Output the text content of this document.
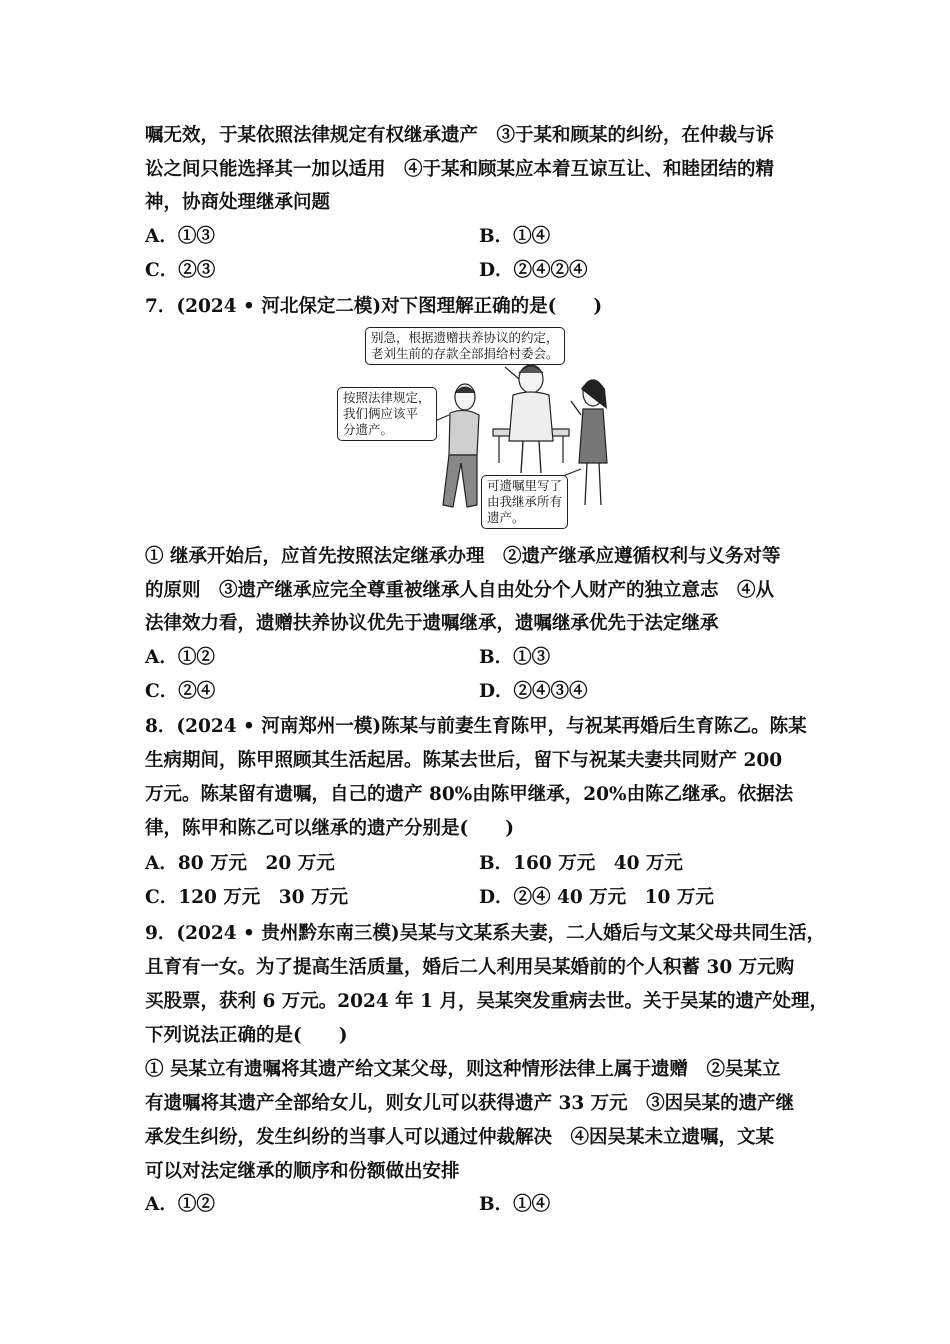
嘱无效，于某依照法律规定有权继承遗产　③于某和顾某的纠纷，在仲裁与诉
讼之间只能选择其一加以适用　④于某和顾某应本着互谅互让、和睦团结的精
神，协商处理继承问题
A．①③	B．①④
C．②③	D．②④②④
7．(2024 • 河北保定二模)对下图理解正确的是(　　)
别急，根据遗赠扶养协议的约定，
老刘生前的存款全部捐给村委会。
按照法律规定，
我们俩应该平
分遗产。
可遗嘱里写了
由我继承所有
遗产。
① 继承开始后，应首先按照法定继承办理　②遗产继承应遵循权利与义务对等
的原则　③遗产继承应完全尊重被继承人自由处分个人财产的独立意志　④从
法律效力看，遗赠扶养协议优先于遗嘱继承，遗嘱继承优先于法定继承
A．①②	B．①③
C．②④	D．②④③④
8．(2024 • 河南郑州一模)陈某与前妻生育陈甲，与祝某再婚后生育陈乙。陈某
生病期间，陈甲照顾其生活起居。陈某去世后，留下与祝某夫妻共同财产 200
万元。陈某留有遗嘱，自己的遗产 80%由陈甲继承，20%由陈乙继承。依据法
律，陈甲和陈乙可以继承的遗产分别是(　　)
A．80 万元　20 万元	B．160 万元　40 万元
C．120 万元　30 万元	D．②④ 40 万元　10 万元
9．(2024 • 贵州黔东南三模)吴某与文某系夫妻，二人婚后与文某父母共同生活，
且育有一女。为了提高生活质量，婚后二人利用吴某婚前的个人积蓄 30 万元购
买股票，获利 6 万元。2024 年 1 月，吴某突发重病去世。关于吴某的遗产处理，
下列说法正确的是(　　)
① 吴某立有遗嘱将其遗产给文某父母，则这种情形法律上属于遗赠　②吴某立
有遗嘱将其遗产全部给女儿，则女儿可以获得遗产 33 万元　③因吴某的遗产继
承发生纠纷，发生纠纷的当事人可以通过仲裁解决　④因吴某未立遗嘱，文某
可以对法定继承的顺序和份额做出安排
A．①②	B．①④
